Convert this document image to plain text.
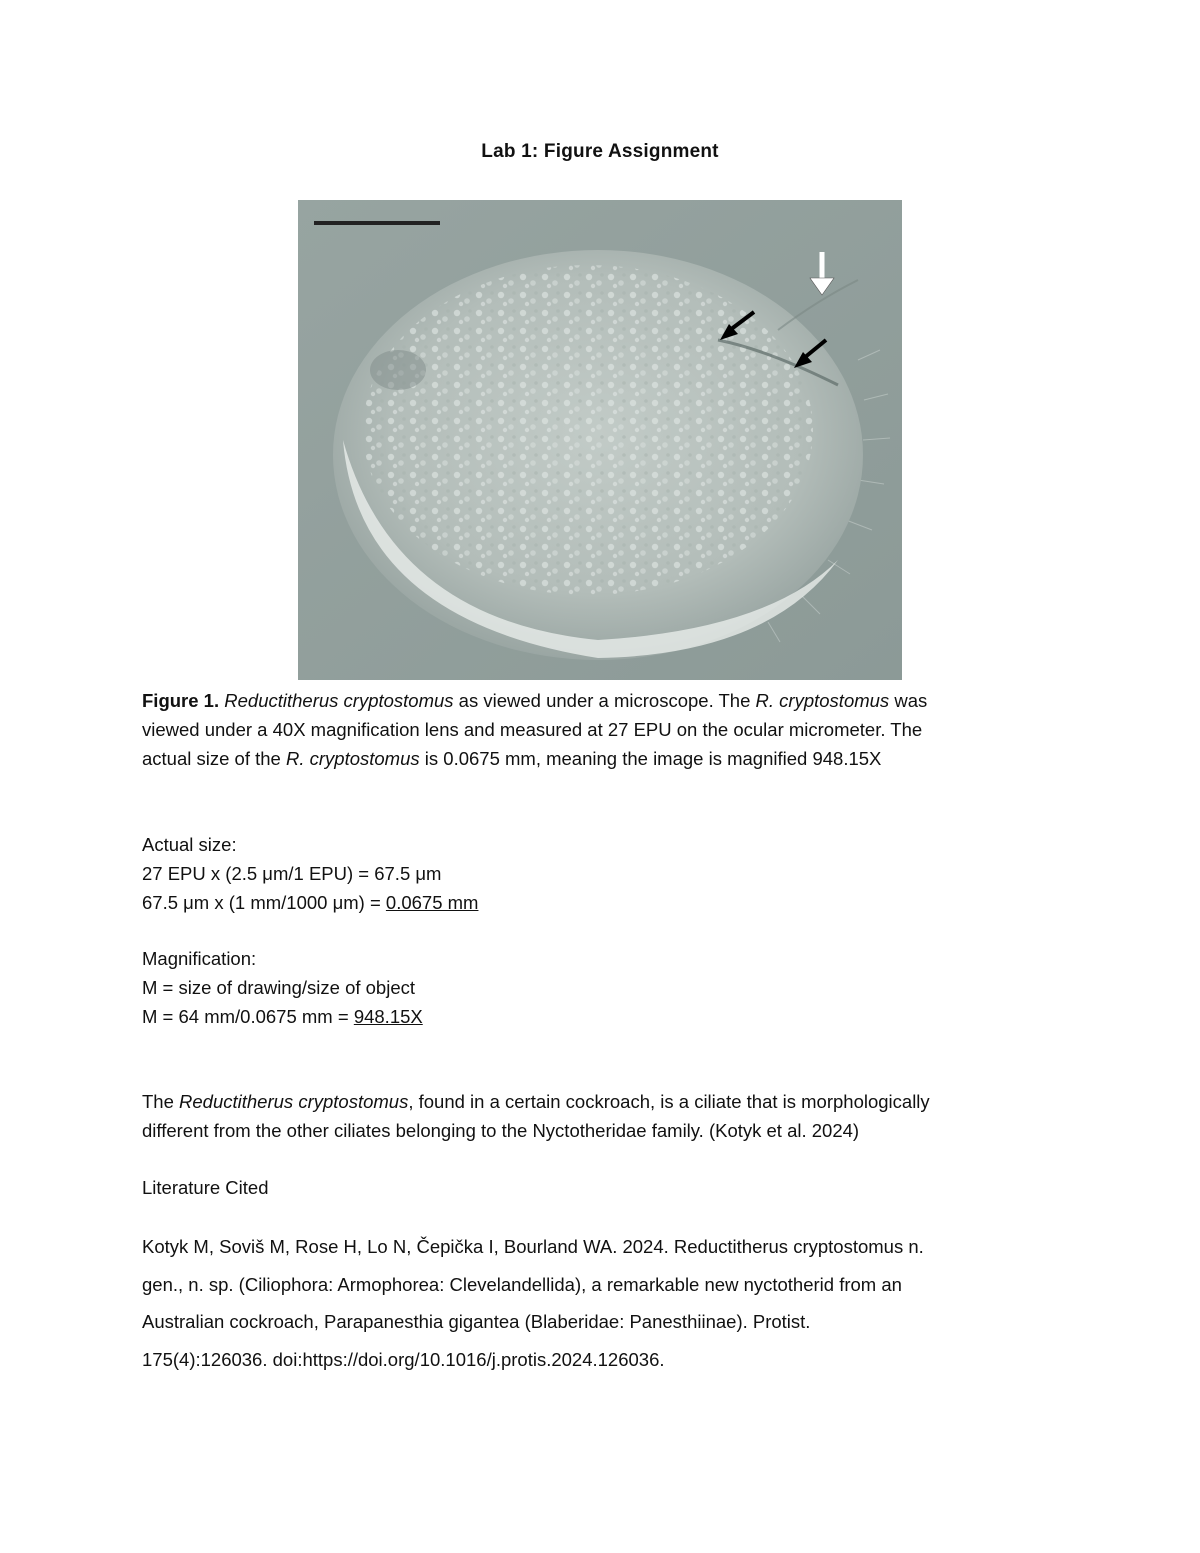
Lab 1: Figure Assignment
Figure 1. Reductitherus cryptostomus as viewed under a microscope. The R. cryptostomus was
viewed under a 40X magnification lens and measured at 27 EPU on the ocular micrometer. The
actual size of the R. cryptostomus is 0.0675 mm, meaning the image is magnified 948.15X
Actual size:
27 EPU x (2.5 μm/1 EPU) = 67.5 μm
67.5 μm x (1 mm/1000 μm) = 0.0675 mm
Magnification:
M = size of drawing/size of object
M = 64 mm/0.0675 mm = 948.15X
The Reductitherus cryptostomus, found in a certain cockroach, is a ciliate that is morphologically
different from the other ciliates belonging to the Nyctotheridae family. (Kotyk et al. 2024)
Literature Cited
Kotyk M, Soviš M, Rose H, Lo N, Čepička I, Bourland WA. 2024. Reductitherus cryptostomus n.
gen., n. sp. (Ciliophora: Armophorea: Clevelandellida), a remarkable new nyctotherid from an
Australian cockroach, Parapanesthia gigantea (Blaberidae: Panesthiinae). Protist.
175(4):126036. doi:https://doi.org/10.1016/j.protis.2024.126036.
